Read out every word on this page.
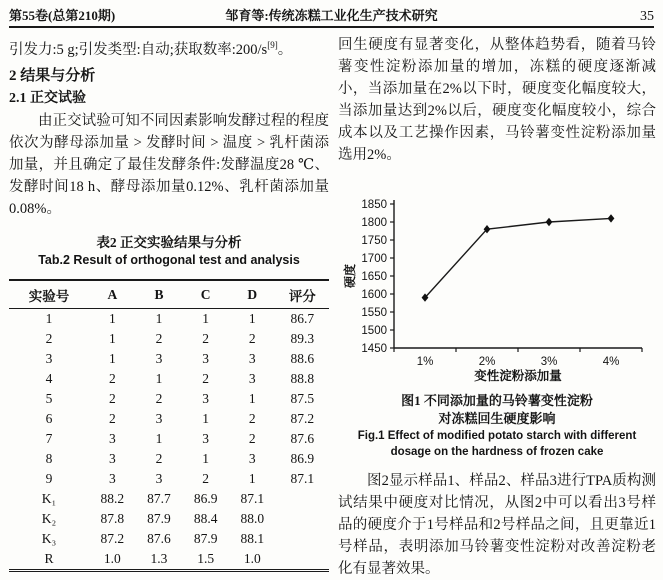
第55卷(总第210期)	邹育等:传统冻糕工业化生产技术研究	35
引发力:5 g;引发类型:自动;获取数率:200/s[9]。
2 结果与分析
2.1 正交试验
由正交试验可知不同因素影响发酵过程的程度依次为酵母添加量 > 发酵时间 > 温度 > 乳杆菌添加量，并且确定了最佳发酵条件:发酵温度28 ℃、发酵时间18 h、酵母添加量0.12%、乳杆菌添加量0.08%。
表2 正交实验结果与分析
Tab.2 Result of orthogonal test and analysis
实验号	A	B	C	D	评分
1	1	1	1	1	86.7
2	1	2	2	2	89.3
3	1	3	3	3	88.6
4	2	1	2	3	88.8
5	2	2	3	1	87.5
6	2	3	1	2	87.2
7	3	1	3	2	87.6
8	3	2	1	3	86.9
9	3	3	2	1	87.1
K₁	88.2	87.7	86.9	87.1	
K₂	87.8	87.9	88.4	88.0	
K₃	87.2	87.6	87.9	88.1	
R	1.0	1.3	1.5	1.0	
回生硬度有显著变化，从整体趋势看，随着马铃薯变性淀粉添加量的增加，冻糕的硬度逐渐减小，当添加量在2%以下时，硬度变化幅度较大，当添加量达到2%以后，硬度变化幅度较小，综合成本以及工艺操作因素，马铃薯变性淀粉添加量选用2%。
1450
1500
1550
1600
1650
1700
1750
1800
1850
1%	2%	3%	4%
变性淀粉添加量
硬度
图1 不同添加量的马铃薯变性淀粉
对冻糕回生硬度影响
Fig.1 Effect of modified potato starch with different
dosage on the hardness of frozen cake
图2显示样品1、样品2、样品3进行TPA质构测试结果中硬度对比情况，从图2中可以看出3号样品的硬度介于1号样品和2号样品之间，且更靠近1号样品，表明添加马铃薯变性淀粉对改善淀粉老化有显著效果。
